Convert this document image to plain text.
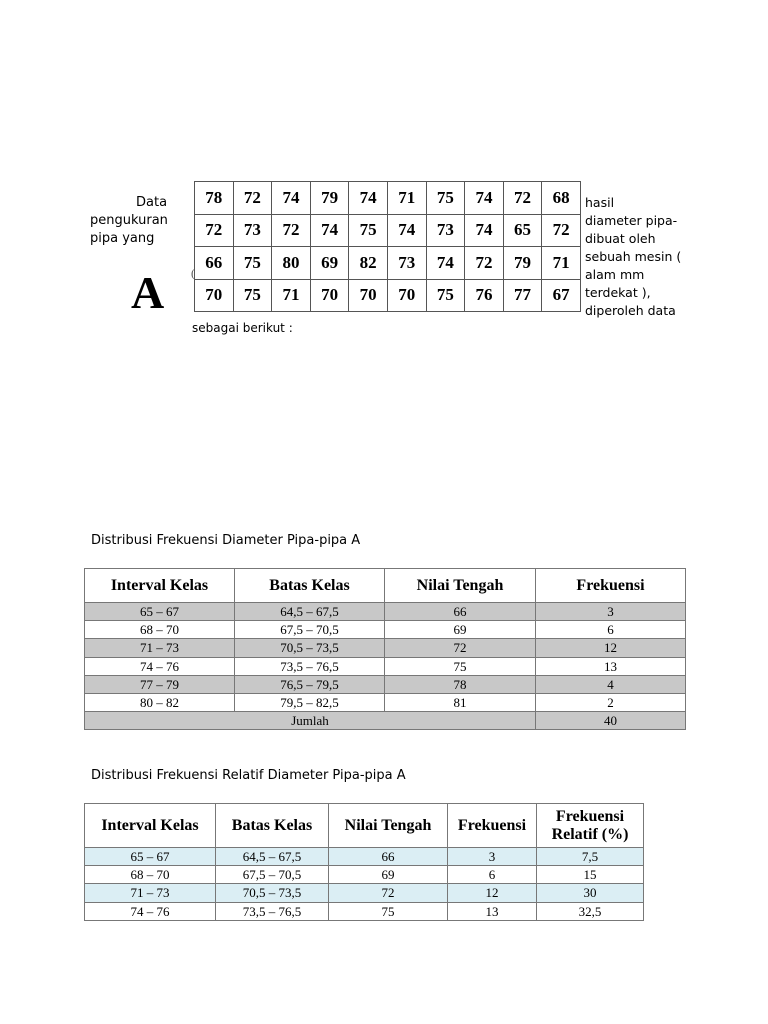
Data
pengukuran
pipa yang
A (
78	72	74	79	74	71	75	74	72	68
72	73	72	74	75	74	73	74	65	72
66	75	80	69	82	73	74	72	79	71
70	75	71	70	70	70	75	76	77	67
hasil
diameter pipa-
dibuat oleh
sebuah mesin (
alam mm
terdekat ),
diperoleh data
sebagai berikut :
Distribusi Frekuensi Diameter Pipa-pipa A
Interval Kelas	Batas Kelas	Nilai Tengah	Frekuensi
65 – 67	64,5 – 67,5	66	3
68 – 70	67,5 – 70,5	69	6
71 – 73	70,5 – 73,5	72	12
74 – 76	73,5 – 76,5	75	13
77 – 79	76,5 – 79,5	78	4
80 – 82	79,5 – 82,5	81	2
Jumlah			40
Distribusi Frekuensi Relatif Diameter Pipa-pipa A
Interval Kelas	Batas Kelas	Nilai Tengah	Frekuensi	Frekuensi Relatif (%)
65 – 67	64,5 – 67,5	66	3	7,5
68 – 70	67,5 – 70,5	69	6	15
71 – 73	70,5 – 73,5	72	12	30
74 – 76	73,5 – 76,5	75	13	32,5
